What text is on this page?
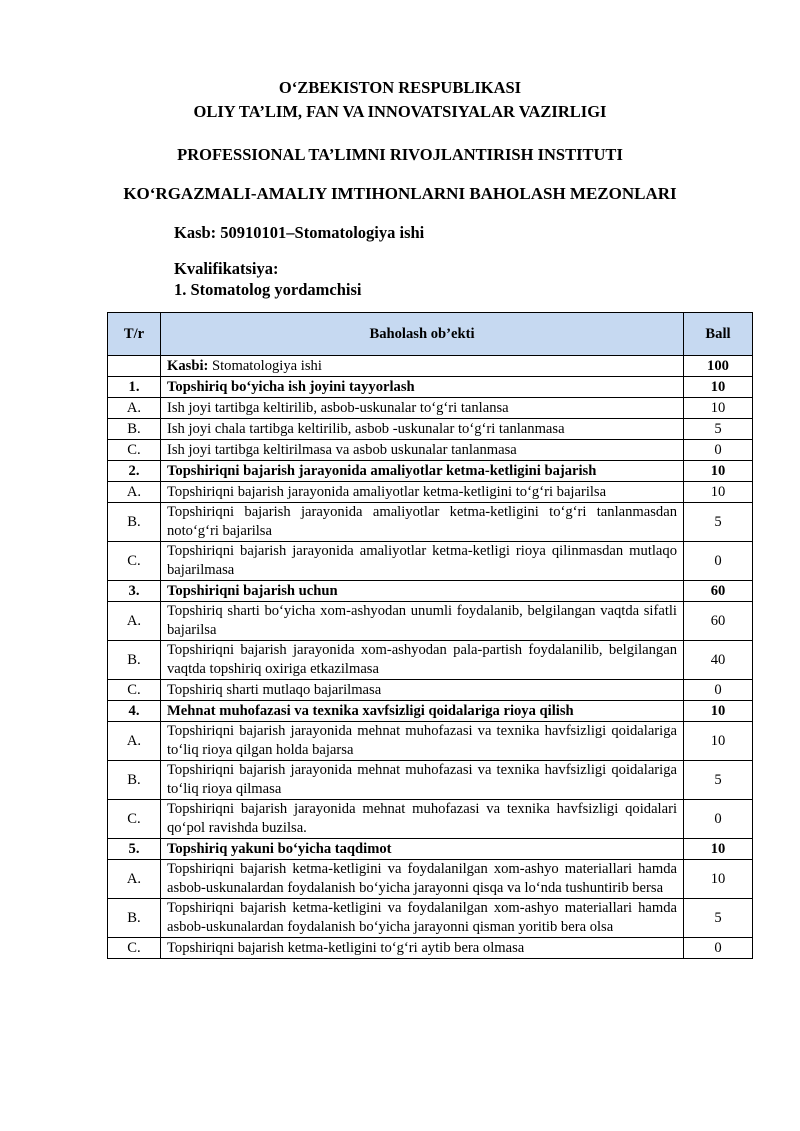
O‘ZBEKISTON RESPUBLIKASI
OLIY TA’LIM, FAN VA INNOVATSIYALAR VAZIRLIGI
PROFESSIONAL TA’LIMNI RIVOJLANTIRISH INSTITUTI
KO‘RGAZMALI-AMALIY IMTIHONLARNI BAHOLASH MEZONLARI
Kasb: 50910101–Stomatologiya ishi
Kvalifikatsiya:
1. Stomatolog yordamchisi
T/r	Baholash ob’ekti	Ball
	Kasbi: Stomatologiya ishi	100
1.	Topshiriq bo‘yicha ish joyini tayyorlash	10
A.	Ish joyi tartibga keltirilib, asbob-uskunalar to‘g‘ri tanlansa	10
B.	Ish joyi chala tartibga keltirilib, asbob -uskunalar to‘g‘ri tanlanmasa	5
C.	Ish joyi tartibga keltirilmasa va asbob uskunalar tanlanmasa	0
2.	Topshiriqni bajarish jarayonida amaliyotlar ketma-ketligini bajarish	10
A.	Topshiriqni bajarish jarayonida amaliyotlar ketma-ketligini to‘g‘ri bajarilsa	10
B.	Topshiriqni bajarish jarayonida amaliyotlar ketma-ketligini to‘g‘ri tanlanmasdan noto‘g‘ri bajarilsa	5
C.	Topshiriqni bajarish jarayonida amaliyotlar ketma-ketligi rioya qilinmasdan mutlaqo bajarilmasa	0
3.	Topshiriqni bajarish uchun	60
A.	Topshiriq sharti bo‘yicha xom-ashyodan unumli foydalanib, belgilangan vaqtda sifatli bajarilsa	60
B.	Topshiriqni bajarish jarayonida xom-ashyodan pala-partish foydalanilib, belgilangan vaqtda topshiriq oxiriga etkazilmasa	40
C.	Topshiriq sharti mutlaqo bajarilmasa	0
4.	Mehnat muhofazasi va texnika xavfsizligi qoidalariga rioya qilish	10
A.	Topshiriqni bajarish jarayonida mehnat muhofazasi va texnika havfsizligi qoidalariga to‘liq rioya qilgan holda bajarsa	10
B.	Topshiriqni bajarish jarayonida mehnat muhofazasi va texnika havfsizligi qoidalariga to‘liq rioya qilmasa	5
C.	Topshiriqni bajarish jarayonida mehnat muhofazasi va texnika havfsizligi qoidalari qo‘pol ravishda buzilsa.	0
5.	Topshiriq yakuni bo‘yicha taqdimot	10
A.	Topshiriqni bajarish ketma-ketligini va foydalanilgan xom-ashyo materiallari hamda asbob-uskunalardan foydalanish bo‘yicha jarayonni qisqa va lo‘nda tushuntirib bersa	10
B.	Topshiriqni bajarish ketma-ketligini va foydalanilgan xom-ashyo materiallari hamda asbob-uskunalardan foydalanish bo‘yicha jarayonni qisman yoritib bera olsa	5
C.	Topshiriqni bajarish ketma-ketligini to‘g‘ri aytib bera olmasa	0
